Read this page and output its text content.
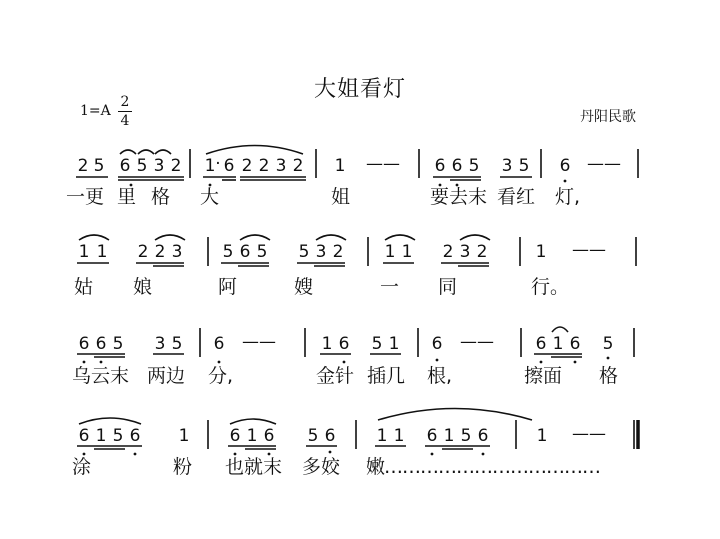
大姐看灯
1=A
2
4	丹阳民歌
2 5 6 5 3 2 1 · 6 2 2 3 2 1 —— 6 6 5 3 5 6 ——
一更 里 格 大	姐	要去末 看红 灯,
1 1 2 2 3 5 6 5 5 3 2 1 1 2 3 2	1 ——
姑 娘	阿	嫂	一 同	行。
6 6 5 3 5 6 ——	1 6 5 1 6 —— 6 1 6 5
乌云末 两边 分,	金针 插几 根,	擦面 格
6 1 5 6 1 6 1 6 5 6 1 1 6 1 5 6	1 ——
涂	粉 也就末 多姣 嫩………………………………
